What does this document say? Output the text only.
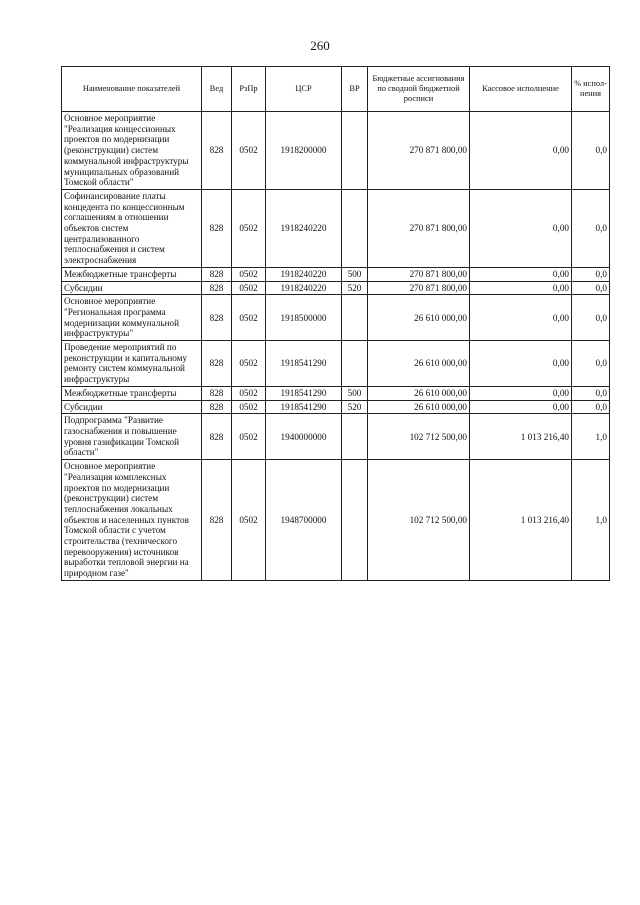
260
Наименование показателей	Вед	РзПр	ЦСР	ВР	Бюджетные ассигнования по сводной бюджетной росписи	Кассовое исполнение	% испол-нения
Основное мероприятие "Реализация концессионных проектов по модернизации (реконструкции) систем коммунальной инфраструктуры муниципальных образований Томской области"	828	0502	1918200000		270 871 800,00	0,00	0,0
Софинансирование платы концедента по концессионным соглашениям в отношении объектов систем централизованного теплоснабжения и систем электроснабжения	828	0502	1918240220		270 871 800,00	0,00	0,0
Межбюджетные трансферты	828	0502	1918240220	500	270 871 800,00	0,00	0,0
Субсидии	828	0502	1918240220	520	270 871 800,00	0,00	0,0
Основное мероприятие "Региональная программа модернизации коммунальной инфраструктуры"	828	0502	1918500000		26 610 000,00	0,00	0,0
Проведение мероприятий по реконструкции и капитальному ремонту систем коммунальной инфраструктуры	828	0502	1918541290		26 610 000,00	0,00	0,0
Межбюджетные трансферты	828	0502	1918541290	500	26 610 000,00	0,00	0,0
Субсидии	828	0502	1918541290	520	26 610 000,00	0,00	0,0
Подпрограмма "Развитие газоснабжения и повышение уровня газификации Томской области"	828	0502	1940000000		102 712 500,00	1 013 216,40	1,0
Основное мероприятие "Реализация комплексных проектов по модернизации (реконструкции) систем теплоснабжения локальных объектов и населенных пунктов Томской области с учетом строительства (технического перевооружения) источников выработки тепловой энергии на природном газе"	828	0502	1948700000		102 712 500,00	1 013 216,40	1,0
